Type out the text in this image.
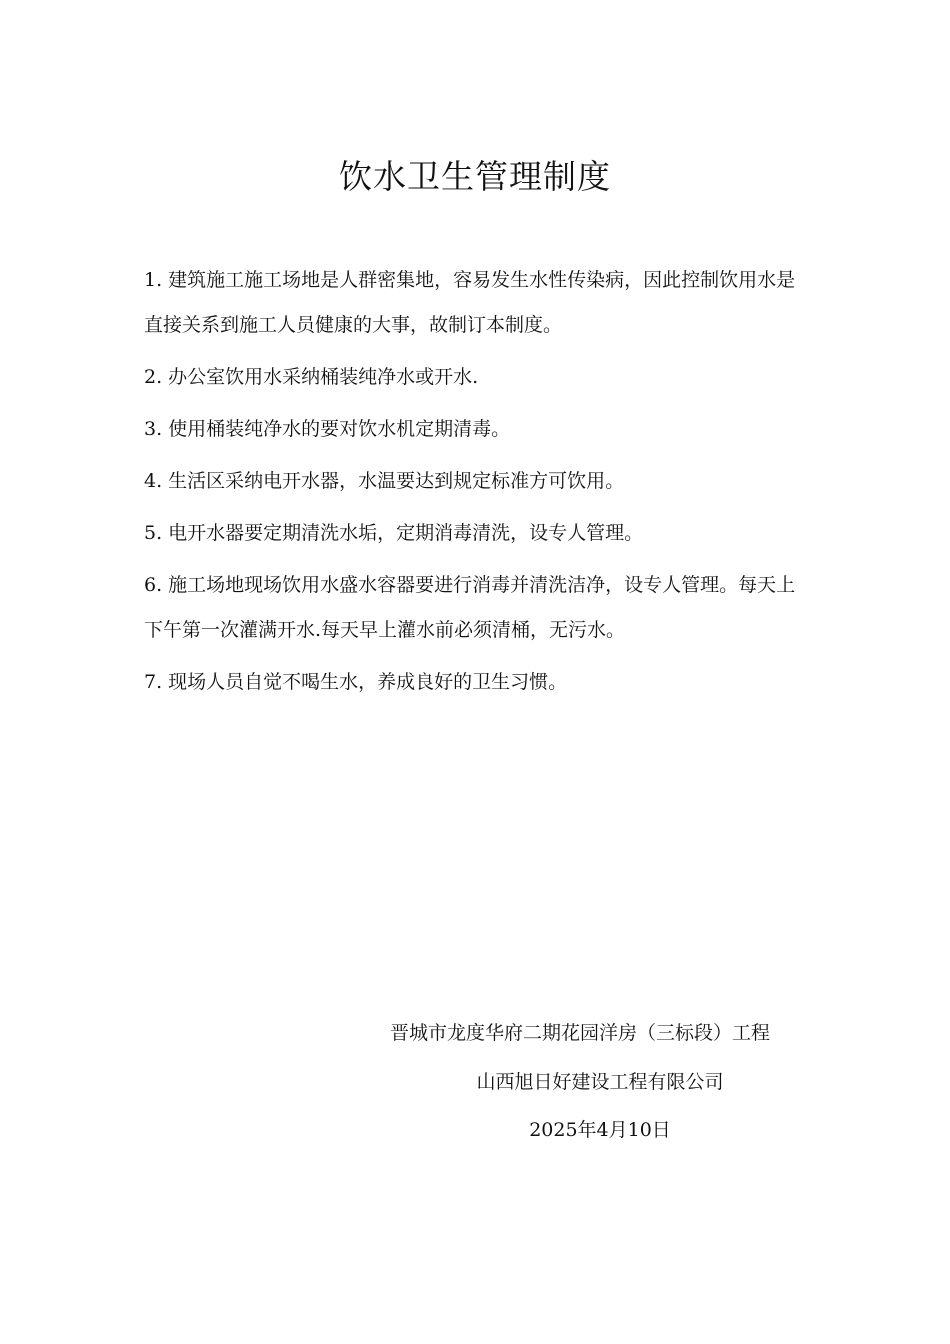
饮水卫生管理制度

1. 建筑施工施工场地是人群密集地，容易发生水性传染病，因此控制饮用水是直接关系到施工人员健康的大事，故制订本制度。

2. 办公室饮用水采纳桶装纯净水或开水.

3. 使用桶装纯净水的要对饮水机定期清毒。

4. 生活区采纳电开水器，水温要达到规定标准方可饮用。

5. 电开水器要定期清洗水垢，定期消毒清洗，设专人管理。

6. 施工场地现场饮用水盛水容器要进行消毒并清洗洁净，设专人管理。每天上下午第一次灌满开水.每天早上灌水前必须清桶，无污水。

7. 现场人员自觉不喝生水，养成良好的卫生习惯。

晋城市龙度华府二期花园洋房（三标段）工程
山西旭日好建设工程有限公司
2025年4月10日
